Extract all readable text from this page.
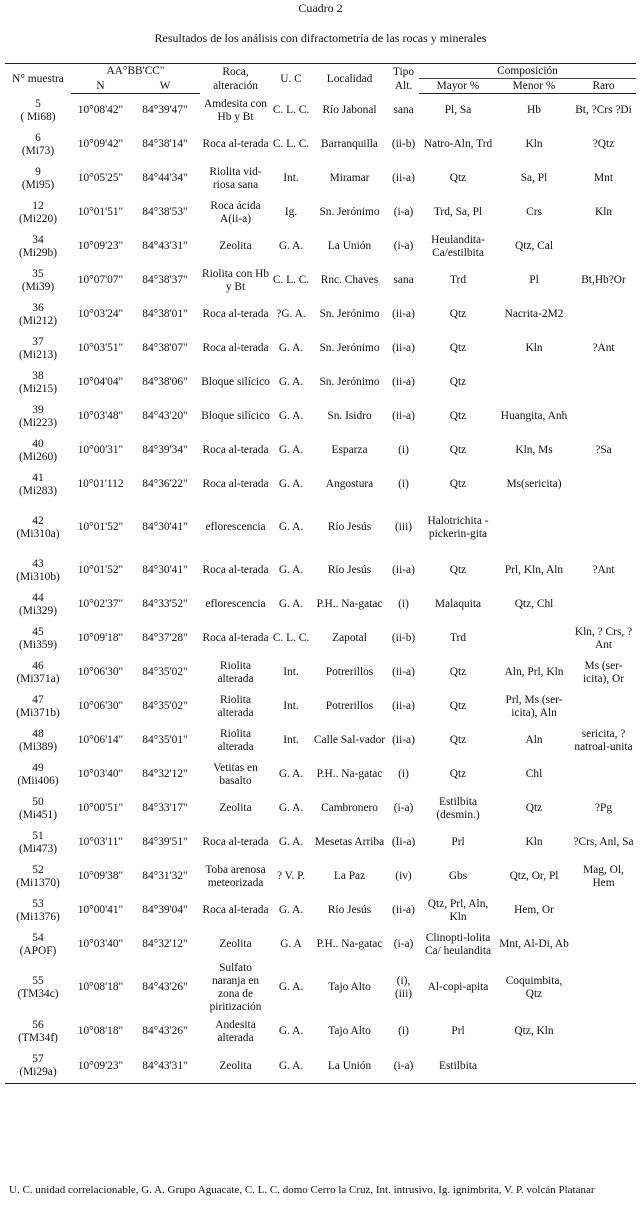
Cuadro 2
Resultados de los análisis con difractometría de las rocas y minerales
N° muestra	AA°BB'CC"		Roca, alteración	U. C	Localidad	Tipo Alt.	Composición		
	N	W					Mayor %	Menor %	Raro

5
( Mi68)	10°08'42"	84°39'47"	Amdesita con Hb y Bt	C. L. C.	Río Jabonal	sana	Pl, Sa	Hb	Bt, ?Crs ?Di

6
(Mi73)	10°09'42"	84°38'14"	Roca al-terada	C. L. C.	Barranquilla	(ii-b)	Natro-Aln, Trd	Kln	?Qtz

9
(Mi95)	10°05'25"	84°44'34"	Riolita vid-riosa sana	Int.	Miramar	(ii-a)	Qtz	Sa, Pl	Mnt

12
(Mi220)	10°01'51"	84°38'53"	Roca ácida A(ii-a)	Ig.	Sn. Jerónimo	(i-a)	Trd, Sa, Pl	Crs	Kln

34
(Mi29b)	10°09'23"	84°43'31"	Zeolita	G. A.	La Unión	(i-a)	Heulandita-Ca/estilbita	Qtz, Cal	

35
(Mi39)	10°07'07"	84°38'37"	Riolita con Hb y Bt	C. L. C.	Rnc. Chaves	sana	Trd	Pl	Bt,Hb?Or

36
(Mi212)	10°03'24"	84°38'01"	Roca al-terada	?G. A.	Sn. Jerónimo	(ii-a)	Qtz	Nacrita-2M2	

37
(Mi213)	10°03'51"	84°38'07"	Roca al-terada	G. A.	Sn. Jerónimo	(ii-a)	Qtz	Kln	?Ant

38
(Mi215)	10°04'04"	84°38'06"	Bloque silícico	G. A.	Sn. Jerónimo	(ii-a)	Qtz		

39
(Mi223)	10°03'48"	84°43'20"	Bloque silícico	G. A.	Sn. Isidro	(ii-a)	Qtz	Huangita, Anh	

40
(Mi260)	10°00'31"	84°39'34"	Roca al-terada	G. A.	Esparza	(i)	Qtz	Kln, Ms	?Sa

41
(Mi283)	10°01'112	84°36'22"	Roca al-terada	G. A.	Angostura	(i)	Qtz	Ms(sericita)	

42
(Mi310a)	10°01'52"	84°30'41"	eflorescencia	G. A.	Río Jesús	(iii)	Halotrichita - pickerin-gita		

43
(Mi310b)	10°01'52"	84°30'41"	Roca al-terada	G. A.	Río Jesús	(ii-a)	Qtz	Prl, Kln, Aln	?Ant

44
(Mi329)	10°02'37"	84°33'52"	eflorescencia	G. A.	P.H.. Na-gatac	(i)	Malaquita	Qtz, Chl	

45
(Mi359)	10°09'18"	84°37'28"	Roca al-terada	C. L. C.	Zapotal	(ii-b)	Trd		Kln, ? Crs, ?Ant

46
(Mi371a)	10°06'30"	84°35'02"	Riolita alterada	Int.	Potrerillos	(ii-a)	Qtz	Aln, Prl, Kln	Ms (ser-icita), Or

47
(Mi371b)	10°06'30"	84°35'02"	Riolita alterada	Int.	Potrerillos	(ii-a)	Qtz	Prl, Ms (ser-icita), Aln	

48
(Mi389)	10°06'14"	84°35'01"	Riolita alterada	Int.	Calle Sal-vador	(ii-a)	Qtz	Aln	sericita, ?natroal-unita

49
(Mii406)	10°03'40"	84°32'12"	Vetitas en basalto	G. A.	P.H.. Na-gatac	(i)	Qtz	Chl	

50
(Mi451)	10°00'51"	84°33'17"	Zeolita	G. A.	Cambronero	(i-a)	Estilbita (desmin.)	Qtz	?Pg

51
(Mi473)	10°03'11"	84°39'51"	Roca al-terada	G. A.	Mesetas Arriba	(Ii-a)	Prl	Kln	?Crs, Anl, Sa

52
(Mi1370)	10°09'38"	84°31'32"	Toba arenosa meteorizada	? V. P.	La Paz	(iv)	Gbs	Qtz, Or, Pl	Mag, Ol, Hem

53
(Mi1376)	10°00'41"	84°39'04"	Roca al-terada	G. A.	Río Jesús	(ii-a)	Qtz, Prl, Aln, Kln	Hem, Or	

54
(APOF)	10°03'40"	84°32'12"	Zeolita	G. A	P.H.. Na-gatac	(i-a)	Clinopti-lolita Ca/ heulandita	Mnt, Al-Di, Ab	

55
(TM34c)	10°08'18"	84°43'26"	Sulfato naranja en zona de piritización	G. A.	Tajo Alto	(i), (iii)	Al-copi-apita	Coquimbita, Qtz	

56
(TM34f)	10°08'18"	84°43'26"	Andesita alterada	G. A.	Tajo Alto	(i)	Prl	Qtz, Kln	

57
(Mi29a)	10°09'23"	84°43'31"	Zeolita	G. A.	La Unión	(i-a)	Estilbita		
U. C. unidad correlacionable, G. A. Grupo Aguacate, C. L. C. domo Cerro la Cruz, Int. intrusivo, Ig. ignimbrita, V. P. volcán Platanar
